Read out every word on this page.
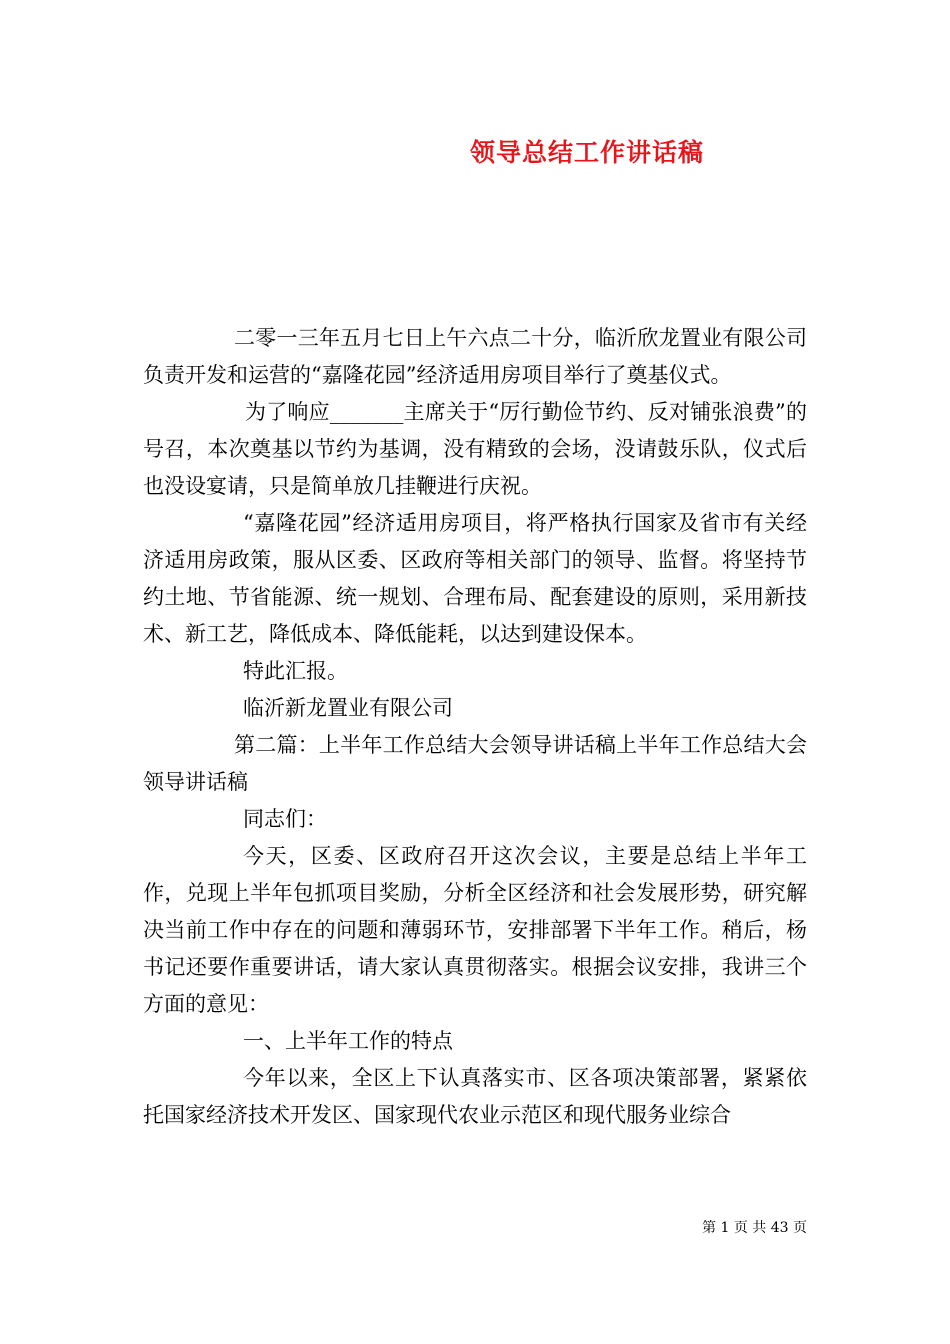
领导总结工作讲话稿

二零一三年五月七日上午六点二十分，临沂欣龙置业有限公司负责开发和运营的“嘉隆花园”经济适用房项目举行了奠基仪式。

为了响应_______主席关于“厉行勤俭节约、反对铺张浪费”的号召，本次奠基以节约为基调，没有精致的会场，没请鼓乐队，仪式后也没设宴请，只是简单放几挂鞭进行庆祝。

“嘉隆花园”经济适用房项目，将严格执行国家及省市有关经济适用房政策，服从区委、区政府等相关部门的领导、监督。将坚持节约土地、节省能源、统一规划、合理布局、配套建设的原则，采用新技术、新工艺，降低成本、降低能耗，以达到建设保本。

特此汇报。

临沂新龙置业有限公司

第二篇：上半年工作总结大会领导讲话稿上半年工作总结大会领导讲话稿

同志们：

今天，区委、区政府召开这次会议，主要是总结上半年工作，兑现上半年包抓项目奖励，分析全区经济和社会发展形势，研究解决当前工作中存在的问题和薄弱环节，安排部署下半年工作。稍后，杨书记还要作重要讲话，请大家认真贯彻落实。根据会议安排，我讲三个方面的意见：

一、上半年工作的特点

今年以来，全区上下认真落实市、区各项决策部署，紧紧依托国家经济技术开发区、国家现代农业示范区和现代服务业综合

第 1 页 共 43 页
